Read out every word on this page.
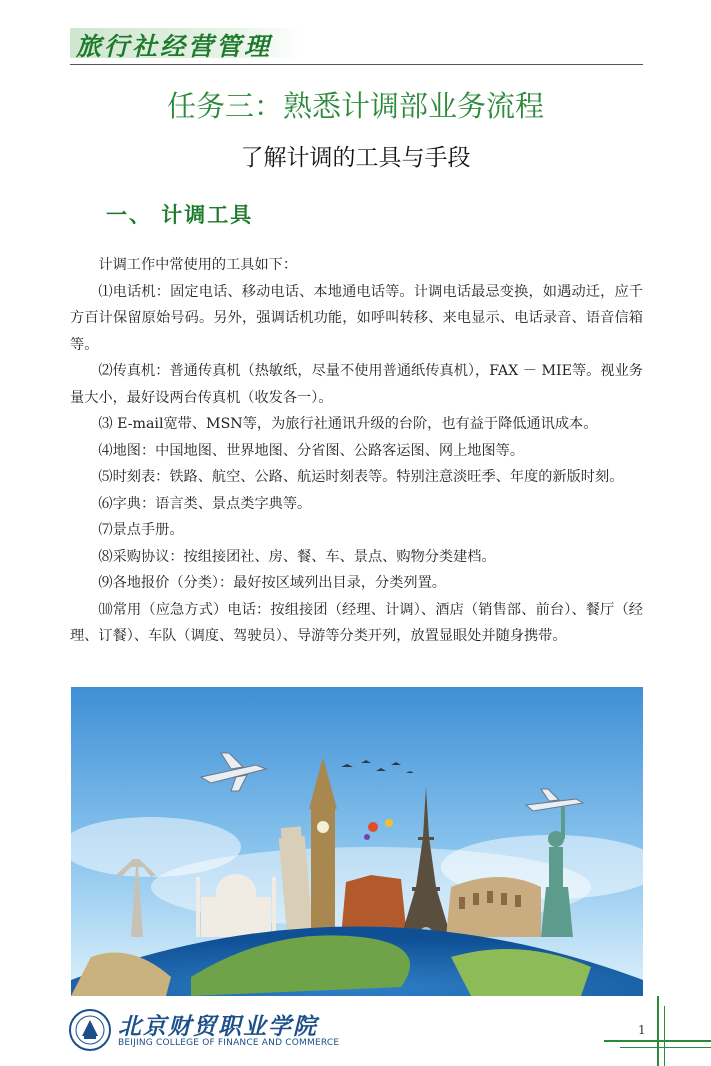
旅行社经营管理
任务三：熟悉计调部业务流程
了解计调的工具与手段
一、 计调工具

计调工作中常使用的工具如下：

⑴电话机：固定电话、移动电话、本地通电话等。计调电话最忌变换，如遇动迁，应千方百计保留原始号码。另外，强调话机功能，如呼叫转移、来电显示、电话录音、语音信箱等。

⑵传真机：普通传真机（热敏纸，尽量不使用普通纸传真机），FAX － MIE等。视业务量大小，最好设两台传真机（收发各一）。

⑶ E-mail宽带、MSN等，为旅行社通讯升级的台阶，也有益于降低通讯成本。

⑷地图：中国地图、世界地图、分省图、公路客运图、网上地图等。

⑸时刻表：铁路、航空、公路、航运时刻表等。特别注意淡旺季、年度的新版时刻。

⑹字典：语言类、景点类字典等。

⑺景点手册。

⑻采购协议：按组接团社、房、餐、车、景点、购物分类建档。

⑼各地报价（分类）：最好按区域列出目录，分类列置。

⑽常用（应急方式）电话：按组接团（经理、计调）、酒店（销售部、前台）、餐厅（经理、订餐）、车队（调度、驾驶员）、导游等分类开列，放置显眼处并随身携带。

北京财贸职业学院
BEIJING COLLEGE OF FINANCE AND COMMERCE
1
